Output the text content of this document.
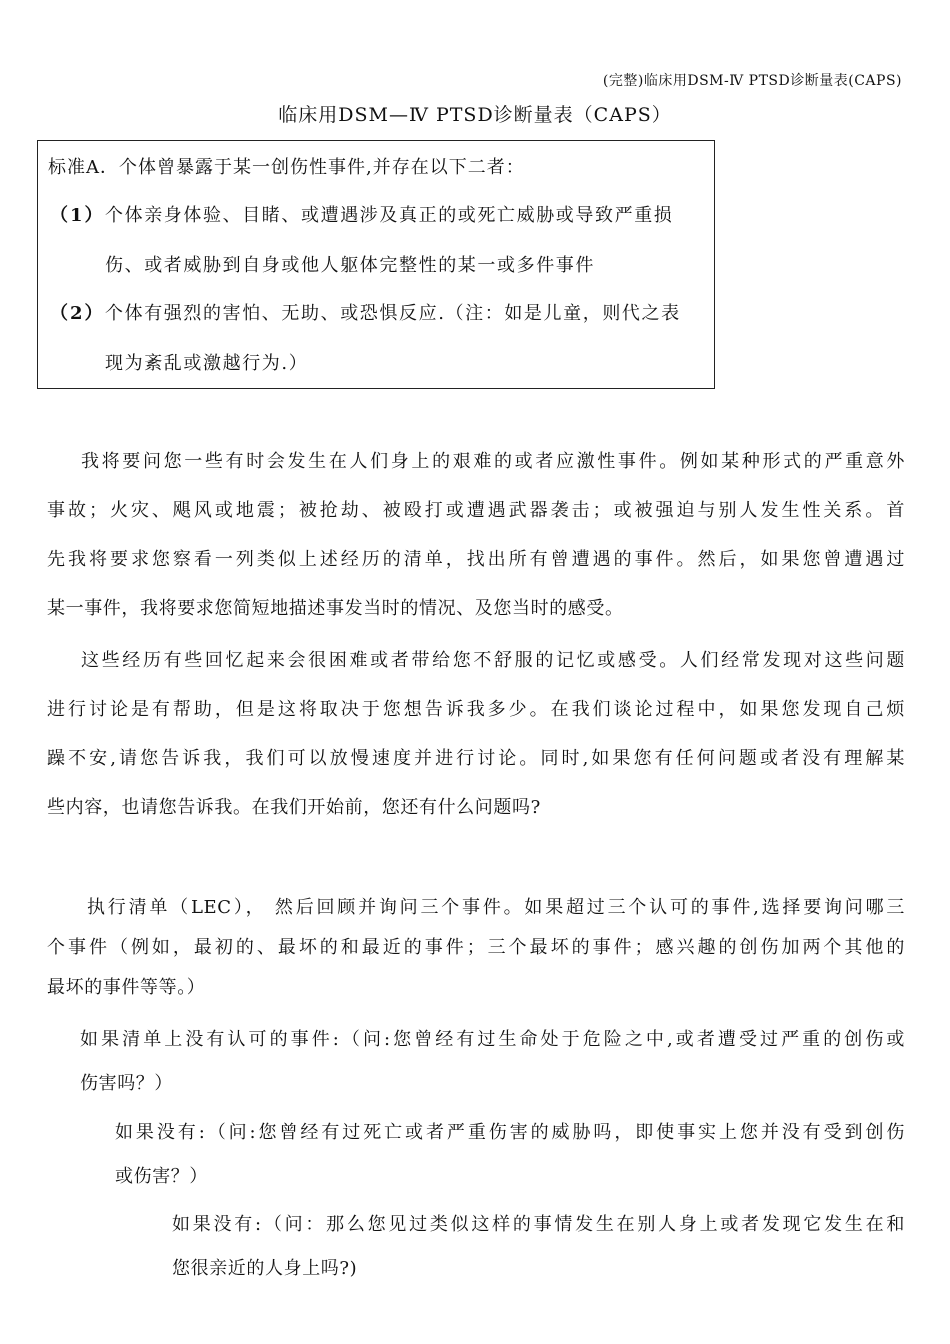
(完整)临床用DSM-Ⅳ PTSD诊断量表(CAPS)
临床用DSM—Ⅳ PTSD诊断量表（CAPS）
标准A．个体曾暴露于某一创伤性事件,并存在以下二者：
（1） 个体亲身体验、目睹、或遭遇涉及真正的或死亡威胁或导致严重损
伤、或者威胁到自身或他人躯体完整性的某一或多件事件
（2） 个体有强烈的害怕、无助、或恐惧反应.（注：如是儿童，则代之表
现为紊乱或激越行为.）
我将要问您一些有时会发生在人们身上的艰难的或者应激性事件。例如某种形式的严重意外
事故；火灾、飓风或地震；被抢劫、被殴打或遭遇武器袭击；或被强迫与别人发生性关系。首
先我将要求您察看一列类似上述经历的清单，找出所有曾遭遇的事件。然后，如果您曾遭遇过
某一事件，我将要求您简短地描述事发当时的情况、及您当时的感受。
这些经历有些回忆起来会很困难或者带给您不舒服的记忆或感受。人们经常发现对这些问题
进行讨论是有帮助，但是这将取决于您想告诉我多少。在我们谈论过程中，如果您发现自己烦
躁不安,请您告诉我，我们可以放慢速度并进行讨论。同时,如果您有任何问题或者没有理解某
些内容，也请您告诉我。在我们开始前，您还有什么问题吗?
执行清单（LEC）， 然后回顾并询问三个事件。如果超过三个认可的事件,选择要询问哪三
个事件（例如，最初的、最坏的和最近的事件；三个最坏的事件；感兴趣的创伤加两个其他的
最坏的事件等等。）
如果清单上没有认可的事件:（问:您曾经有过生命处于危险之中,或者遭受过严重的创伤或
伤害吗？）
如果没有:（问:您曾经有过死亡或者严重伤害的威胁吗，即使事实上您并没有受到创伤
或伤害？）
如果没有:（问：那么您见过类似这样的事情发生在别人身上或者发现它发生在和
您很亲近的人身上吗?)
